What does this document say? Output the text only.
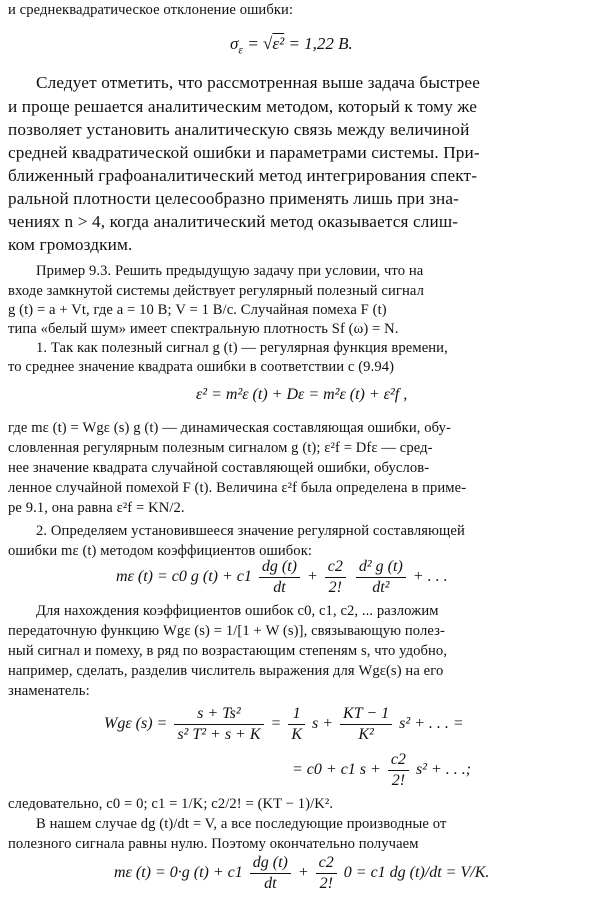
и среднеквадратическое отклонение ошибки:
$\sigma_\varepsilon = √\varepsilon^2 = 1,22$ В.
Следует отметить, что рассмотренная выше задача быстрее
и проще решается аналитическим методом, который к тому же
позволяет установить аналитическую связь между величиной
средней квадратической ошибки и параметрами системы. При-
ближенный графоаналитический метод интегрирования спект-
ральной плотности целесообразно применять лишь при зна-
чениях n > 4, когда аналитический метод оказывается слиш-
ком громоздким.
Пример 9.3. Решить предыдущую задачу при условии, что на
входе замкнутой системы действует регулярный полезный сигнал
g (t) = a + Vt, где a = 10 В; V = 1 В/с. Случайная помеха F (t)
типа «белый шум» имеет спектральную плотность Sf (ω) = N.
1. Так как полезный сигнал g (t) — регулярная функция времени,
то среднее значение квадрата ошибки в соответствии с (9.94)
ε² = m²ε (t) + Dε = m²ε (t) + ε²f ,
где mε (t) = Wgε (s) g (t) — динамическая составляющая ошибки, обу-
словленная регулярным полезным сигналом g (t); ε²f = Dfε — сред-
нее значение квадрата случайной составляющей ошибки, обуслов-
ленное случайной помехой F (t). Величина ε²f была определена в приме-
ре 9.1, она равна ε²f = KN/2.
2. Определяем установившееся значение регулярной составляющей
ошибки mε (t) методом коэффициентов ошибок:
mε (t) = c0 g $(t) + c1 \frac{dg (t)}{dt} + \frac{c2}{2!}$
$\frac{\text{d² g (t)}}{\text{dt²}}$ + . . .
Для нахождения коэффициентов ошибок c0, c1, c2, ... разложим
передаточную функцию Wgε (s) = 1/[1 + W (s)], связывающую полез-
ный сигнал и помеху, в ряд по возрастающим степеням s, что удобно,
например, сделать, разделив числитель выражения для Wgε(s) на его
знаменатель:
Wgε $(s) = \frac{\text{s + Ts²}}{\text{s² T² + s + K}} = \frac{1}{K}$ $s + \frac{KT - 1}{\text{K²}} s^2$ + . . . =
= c0 + c1 $s + \frac{c2}{2!} s^2$ + . . .;
следовательно, c0 = 0; c1 = 1/K; c2/2! = (KT − 1)/K².
В нашем случае dg (t)/dt = V, а все последующие производные от
полезного сигнала равны нулю. Поэтому окончательно получаем
mε (t) = 0·g $(t) + c1 \frac{dg (t)}{dt} + \frac{c2}{2!} 0 = c1$ dg (t)/dt = V/K.
